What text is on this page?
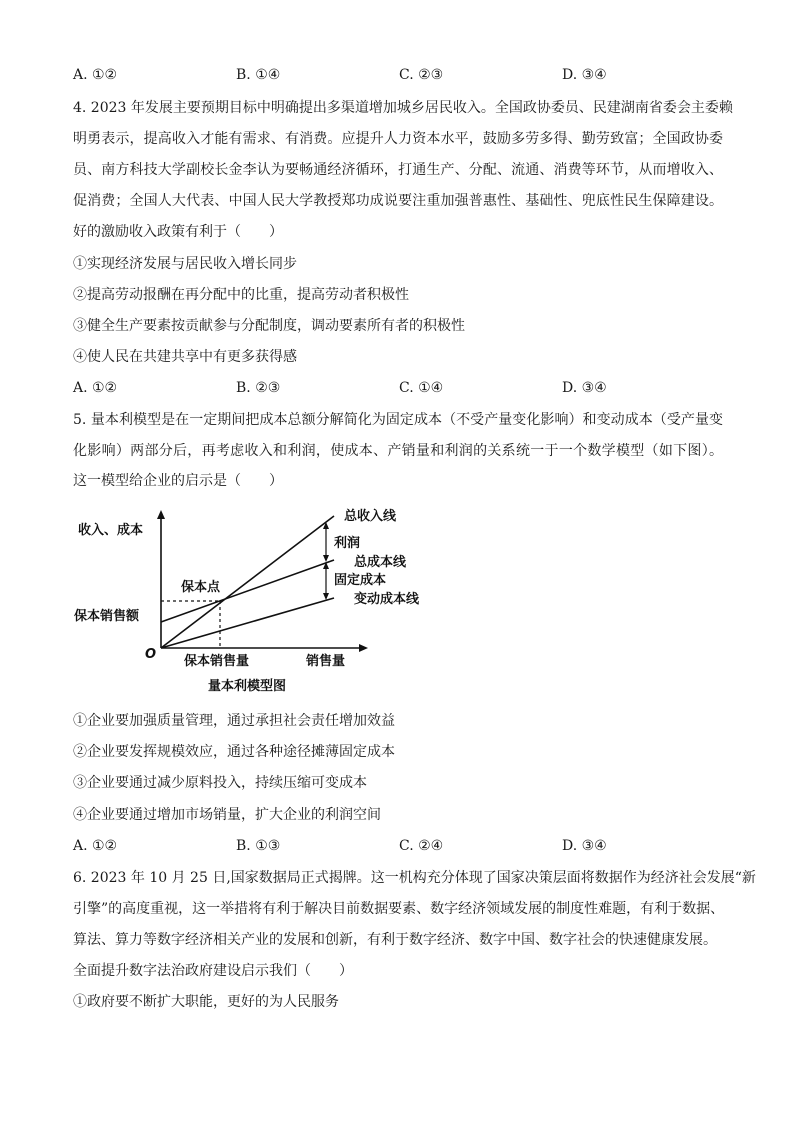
A. ①②	B. ①④	C. ②③	D. ③④
4. 2023 年发展主要预期目标中明确提出多渠道增加城乡居民收入。全国政协委员、民建湖南省委会主委赖
明勇表示，提高收入才能有需求、有消费。应提升人力资本水平，鼓励多劳多得、勤劳致富；全国政协委
员、南方科技大学副校长金李认为要畅通经济循环，打通生产、分配、流通、消费等环节，从而增收入、
促消费；全国人大代表、中国人民大学教授郑功成说要注重加强普惠性、基础性、兜底性民生保障建设。
好的激励收入政策有利于（　　）
①实现经济发展与居民收入增长同步
②提高劳动报酬在再分配中的比重，提高劳动者积极性
③健全生产要素按贡献参与分配制度，调动要素所有者的积极性
④使人民在共建共享中有更多获得感
A. ①②	B. ②③	C. ①④	D. ③④
5. 量本利模型是在一定期间把成本总额分解简化为固定成本（不受产量变化影响）和变动成本（受产量变
化影响）两部分后，再考虑收入和利润，使成本、产销量和利润的关系统一于一个数学模型（如下图）。
这一模型给企业的启示是（　　）
收入、成本
O	销售量
保本点
保本销售额
保本销售量
总收入线
利润
总成本线
固定成本
变动成本线
量本利模型图
①企业要加强质量管理，通过承担社会责任增加效益
②企业要发挥规模效应，通过各种途径摊薄固定成本
③企业要通过减少原料投入，持续压缩可变成本
④企业要通过增加市场销量，扩大企业的利润空间
A. ①②	B. ①③	C. ②④	D. ③④
6. 2023 年 10 月 25 日,国家数据局正式揭牌。这一机构充分体现了国家决策层面将数据作为经济社会发展“新
引擎”的高度重视，这一举措将有利于解决目前数据要素、数字经济领域发展的制度性难题，有利于数据、
算法、算力等数字经济相关产业的发展和创新，有利于数字经济、数字中国、数字社会的快速健康发展。
全面提升数字法治政府建设启示我们（　　）
①政府要不断扩大职能，更好的为人民服务
